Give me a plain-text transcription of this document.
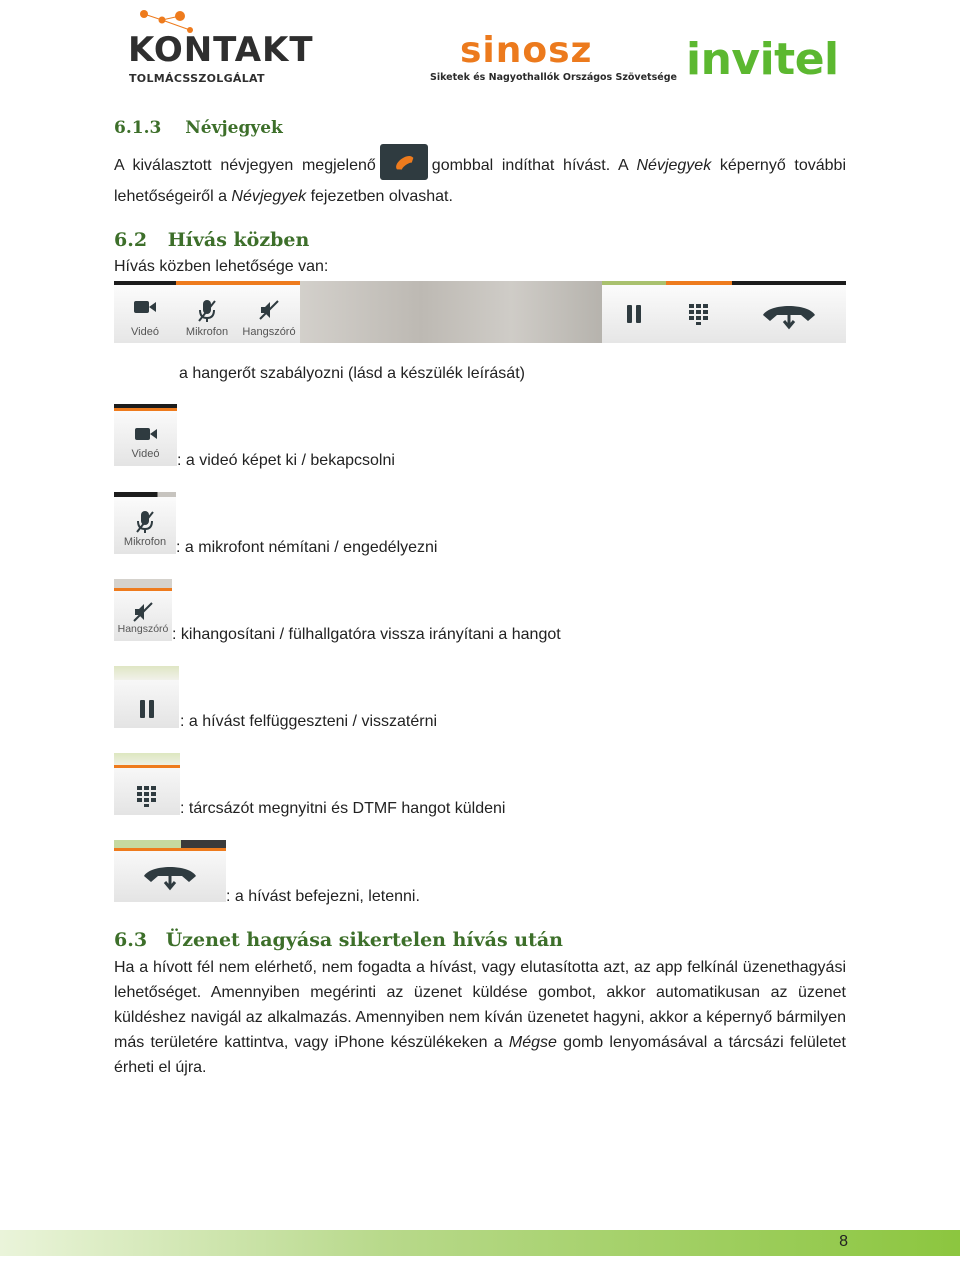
KONTAKT
TOLMÁCSSZOLGÁLAT
sinosz
Siketek és Nagyothallók Országos Szövetsége invitel
6.1.3 Névjegyek
A kiválasztott névjegyen megjelenő	gombbal indíthat hívást. A Névjegyek képernyő további lehetőségeiről a Névjegyek fejezetben olvashat.
6.2 Hívás közben
Hívás közben lehetősége van:
Videó	Mikrofon	Hangszóró
a hangerőt szabályozni (lásd a készülék leírását)
Videó	: a videó képet ki / bekapcsolni
Mikrofon : a mikrofont némítani / engedélyezni
Hangszóró : kihangosítani / fülhallgatóra vissza irányítani a hangot
: a hívást felfüggeszteni / visszatérni
: tárcsázót megnyitni és DTMF hangot küldeni
: a hívást befejezni, letenni.
6.3 Üzenet hagyása sikertelen hívás után
Ha a hívott fél nem elérhető, nem fogadta a hívást, vagy elutasította azt, az app felkínál üzenethagyási lehetőséget. Amennyiben megérinti az üzenet küldése gombot, akkor automatikusan az üzenet küldéshez navigál az alkalmazás. Amennyiben nem kíván üzenetet hagyni, akkor a képernyő bármilyen más területére kattintva, vagy iPhone készülékeken a Mégse gomb lenyomásával a tárcsázi felületet érheti el újra.
8
